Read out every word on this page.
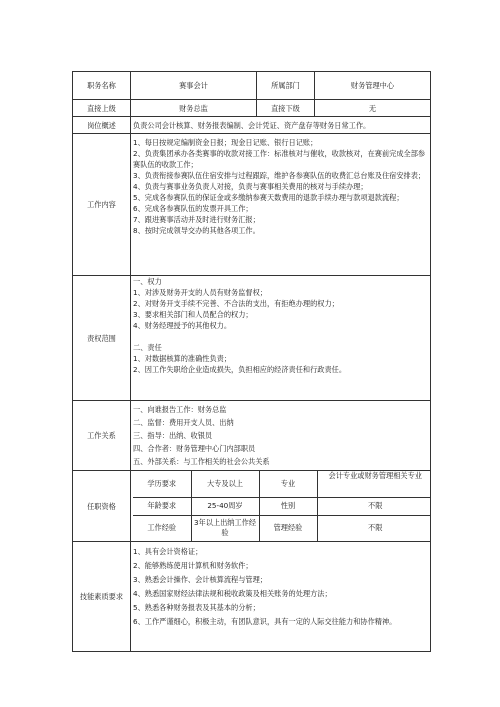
职务名称	赛事会计	所属部门	财务管理中心
直接上级	财务总监	直接下级	无
岗位概述	负责公司会计核算、财务报表编制、会计凭证、资产盘存等财务日常工作。
工作内容	
1、每日按规定编制资金日报；现金日记账、银行日记账；
2、负责集团承办各类赛事的收款对接工作：标准核对与催收，收款核对，在赛前完成全部参赛队伍的收款工作；
3、负责衔接参赛队伍住宿安排与过程跟踪，维护各参赛队伍的收费汇总台账及住宿安排表；
4、负责与赛事业务负责人对接，负责与赛事相关费用的核对与手续办理；
5、完成各参赛队伍的保证金或多缴纳参赛天数费用的退款手续办理与款项退款流程；
6、完成各参赛队伍的发票开具工作；
7、跟进赛事活动并及时进行财务汇报；
8、按时完成领导交办的其他各项工作。

责权范围	
一、权力
1、对涉及财务开支的人员有财务监督权；
2、对财务开支手续不完善、不合法的支出，有拒绝办理的权力；
3、要求相关部门和人员配合的权力；
4、财务经理授予的其他权力。
二、责任
1、对数据核算的准确性负责；
2、因工作失职给企业造成损失，负担相应的经济责任和行政责任。

工作关系	
一、向谁报告工作：财务总监
二、监督：费用开支人员、出纳
三、指导：出纳、收银员
四、合作者：财务管理中心门内部职员
五、外部关系：与工作相关的社会公共关系

任职资格	
学历要求	大专及以上	专业	会计专业或财务管理相关专业
年龄要求	25-40周岁	性别	不限
工作经验	3年以上出纳工作经验	管理经验	不限

技能素质要求	
1、具有会计资格证；
2、能够熟练使用计算机和财务软件；
3、熟悉会计操作、会计核算流程与管理；
4、熟悉国家财经法律法规和税收政策及相关账务的处理方法；
5、熟悉各种财务报表及其基本的分析；
6、工作严谨细心，积极主动，有团队意识，具有一定的人际交往能力和协作精神。
